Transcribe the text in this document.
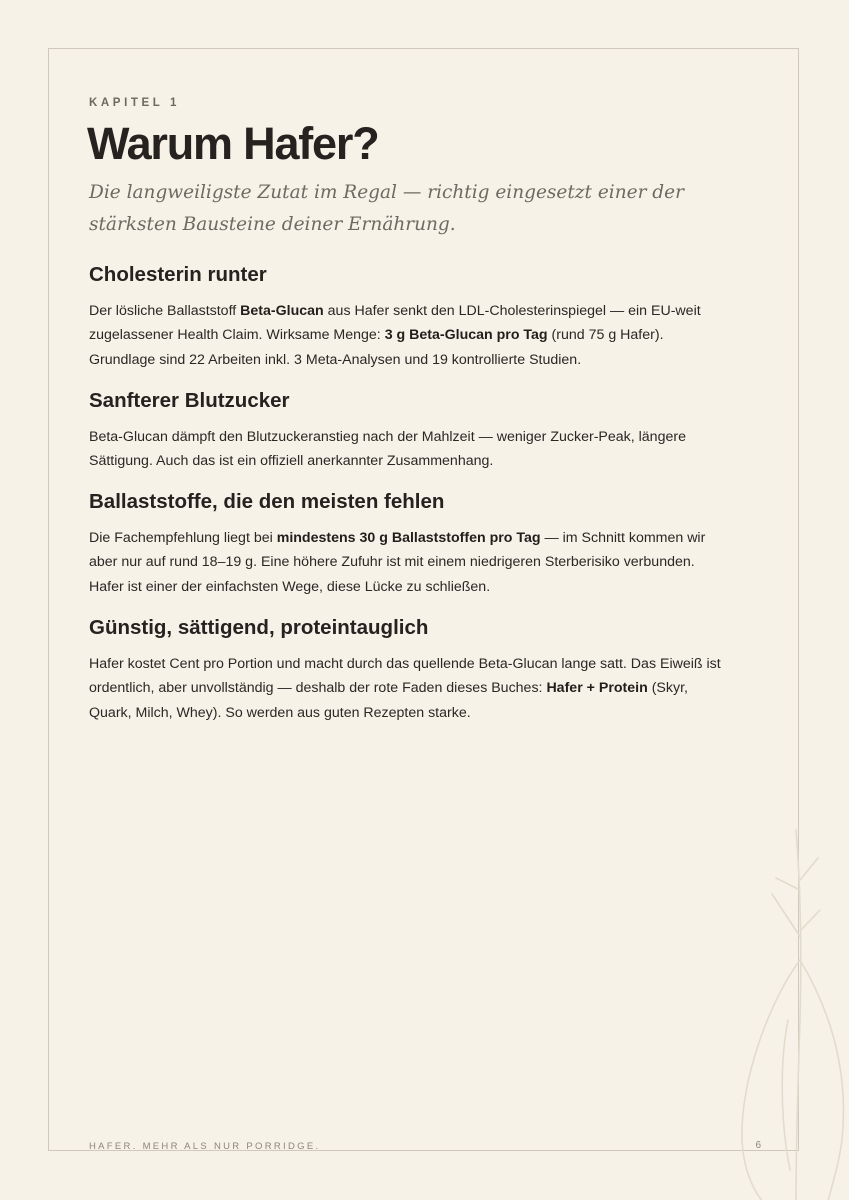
KAPITEL 1
Warum Hafer?

Die langweiligste Zutat im Regal — richtig eingesetzt einer der stärksten Bausteine deiner Ernährung.

Cholesterin runter

Der lösliche Ballaststoff Beta-Glucan aus Hafer senkt den LDL-Cholesterinspiegel — ein EU-weit zugelassener Health Claim. Wirksame Menge: 3 g Beta-Glucan pro Tag (rund 75 g Hafer). Grundlage sind 22 Arbeiten inkl. 3 Meta-Analysen und 19 kontrollierte Studien.

Sanfterer Blutzucker

Beta-Glucan dämpft den Blutzuckeranstieg nach der Mahlzeit — weniger Zucker-Peak, längere Sättigung. Auch das ist ein offiziell anerkannter Zusammenhang.

Ballaststoffe, die den meisten fehlen

Die Fachempfehlung liegt bei mindestens 30 g Ballaststoffen pro Tag — im Schnitt kommen wir aber nur auf rund 18–19 g. Eine höhere Zufuhr ist mit einem niedrigeren Sterberisiko verbunden. Hafer ist einer der einfachsten Wege, diese Lücke zu schließen.

Günstig, sättigend, proteintauglich

Hafer kostet Cent pro Portion und macht durch das quellende Beta-Glucan lange satt. Das Eiweiß ist ordentlich, aber unvollständig — deshalb der rote Faden dieses Buches: Hafer + Protein (Skyr, Quark, Milch, Whey). So werden aus guten Rezepten starke.

HAFER. MEHR ALS NUR PORRIDGE.	6
